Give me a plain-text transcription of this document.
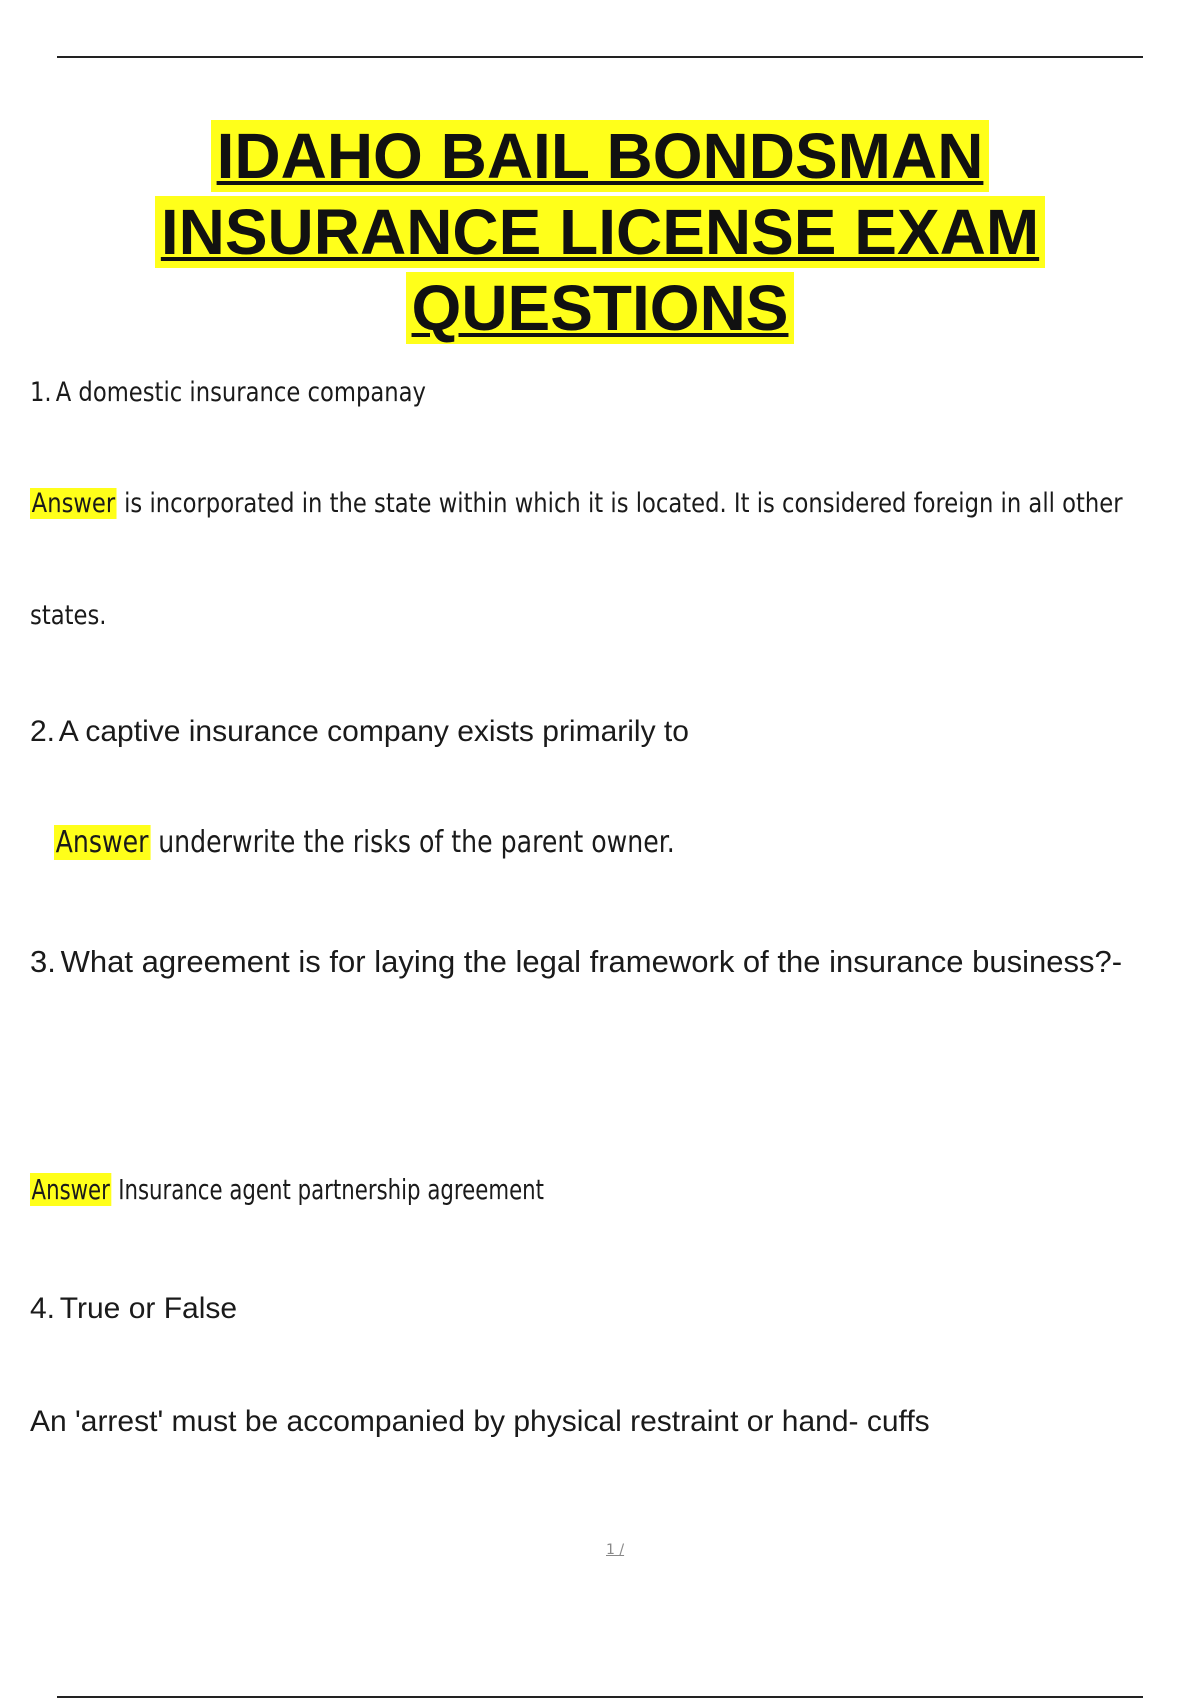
IDAHO BAIL BONDSMAN
INSURANCE LICENSE EXAM
QUESTIONS

1. A domestic insurance companay

Answer is incorporated in the state within which it is located. It is considered foreign in all other

states.

2. A captive insurance company exists primarily to

Answer underwrite the risks of the parent owner.

3. What agreement is for laying the legal framework of the insurance business?-

Answer Insurance agent partnership agreement

4. True or False

An 'arrest' must be accompanied by physical restraint or hand- cuffs

1 /
